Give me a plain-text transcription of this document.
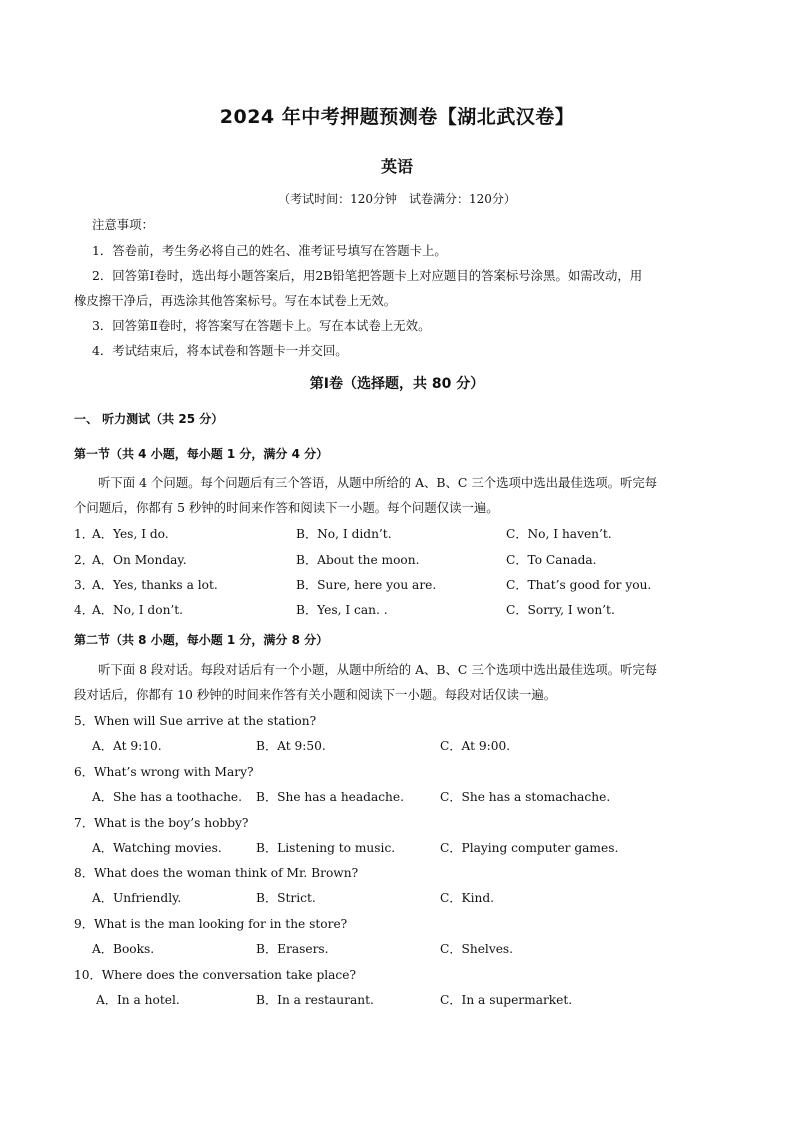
2024 年中考押题预测卷【湖北武汉卷】
英语
（考试时间：120分钟　试卷满分：120分）
注意事项：
1．答卷前，考生务必将自己的姓名、准考证号填写在答题卡上。
2．回答第Ⅰ卷时，选出每小题答案后，用2B铅笔把答题卡上对应题目的答案标号涂黑。如需改动，用
橡皮擦干净后，再选涂其他答案标号。写在本试卷上无效。
3．回答第Ⅱ卷时，将答案写在答题卡上。写在本试卷上无效。
4．考试结束后，将本试卷和答题卡一并交回。
第Ⅰ卷（选择题，共 80 分）
一、 听力测试（共 25 分）
第一节（共 4 小题，每小题 1 分，满分 4 分）
听下面 4 个问题。每个问题后有三个答语，从题中所给的 A、B、C 三个选项中选出最佳选项。听完每
个问题后，你都有 5 秒钟的时间来作答和阅读下一小题。每个问题仅读一遍。
1．
A．Yes, I do.	B．No, I didn’t.	C．No, I haven’t.
2．
A．On Monday.	B．About the moon.	C．To Canada.
3．
A．Yes, thanks a lot.	B．Sure, here you are.	C．That’s good for you.
4．
A．No, I don’t.	B．Yes, I can. .	C．Sorry, I won’t.
第二节（共 8 小题，每小题 1 分，满分 8 分）
听下面 8 段对话。每段对话后有一个小题，从题中所给的 A、B、C 三个选项中选出最佳选项。听完每
段对话后，你都有 10 秒钟的时间来作答有关小题和阅读下一小题。每段对话仅读一遍。
5．When will Sue arrive at the station?
A．At 9:10.	B．At 9:50.	C．At 9:00.
6．What’s wrong with Mary?
A．She has a toothache. B．She has a headache.	C．She has a stomachache.
7．What is the boy’s hobby?
A．Watching movies.	B．Listening to music.	C．Playing computer games.
8．What does the woman think of Mr. Brown?
A．Unfriendly.	B．Strict.	C．Kind.
9．What is the man looking for in the store?
A．Books.	B．Erasers.	C．Shelves.
10．Where does the conversation take place?
A．In a hotel.	B．In a restaurant.	C．In a supermarket.
